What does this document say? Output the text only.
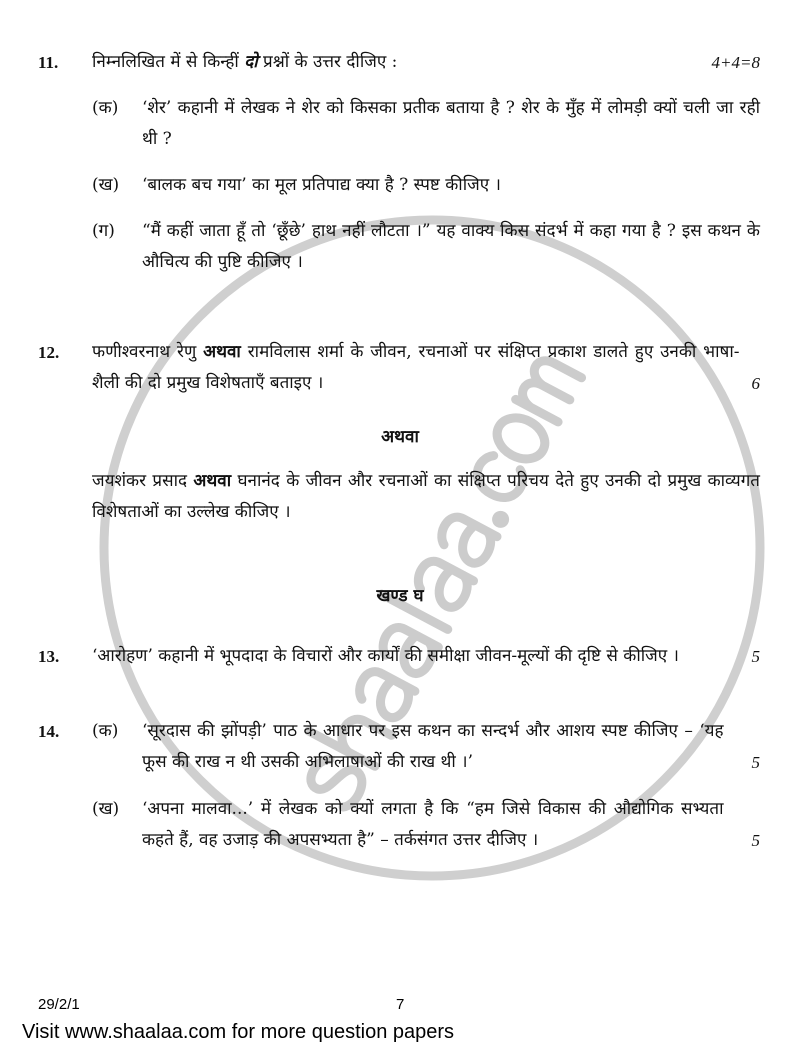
11. निम्नलिखित में से किन्हीं दो प्रश्नों के उत्तर दीजिए :	4+4=8
(क) ‘शेर’ कहानी में लेखक ने शेर को किसका प्रतीक बताया है ? शेर के मुँह में लोमड़ी क्यों चली जा रही थी ?
(ख) ‘बालक बच गया’ का मूल प्रतिपाद्य क्या है ? स्पष्ट कीजिए ।
(ग) “मैं कहीं जाता हूँ तो ‘छूँछे’ हाथ नहीं लौटता ।” यह वाक्य किस संदर्भ में कहा गया है ? इस कथन के औचित्य की पुष्टि कीजिए ।
12. फणीश्वरनाथ रेणु अथवा रामविलास शर्मा के जीवन, रचनाओं पर संक्षिप्त प्रकाश डालते हुए उनकी भाषा-शैली की दो प्रमुख विशेषताएँ बताइए ।	6
अथवा
जयशंकर प्रसाद अथवा घनानंद के जीवन और रचनाओं का संक्षिप्त परिचय देते हुए उनकी दो प्रमुख काव्यगत विशेषताओं का उल्लेख कीजिए ।
खण्ड घ
13. ‘आरोहण’ कहानी में भूपदादा के विचारों और कार्यों की समीक्षा जीवन-मूल्यों की दृष्टि से कीजिए ।	5
14. (क) ‘सूरदास की झोंपड़ी’ पाठ के आधार पर इस कथन का सन्दर्भ और आशय स्पष्ट कीजिए – ‘यह फूस की राख न थी उसकी अभिलाषाओं की राख थी ।’	5
(ख) ‘अपना मालवा...’ में लेखक को क्यों लगता है कि “हम जिसे विकास की औद्योगिक सभ्यता कहते हैं, वह उजाड़ की अपसभ्यता है” – तर्कसंगत उत्तर दीजिए ।	5
29/2/1	7
Visit www.shaalaa.com for more question papers
